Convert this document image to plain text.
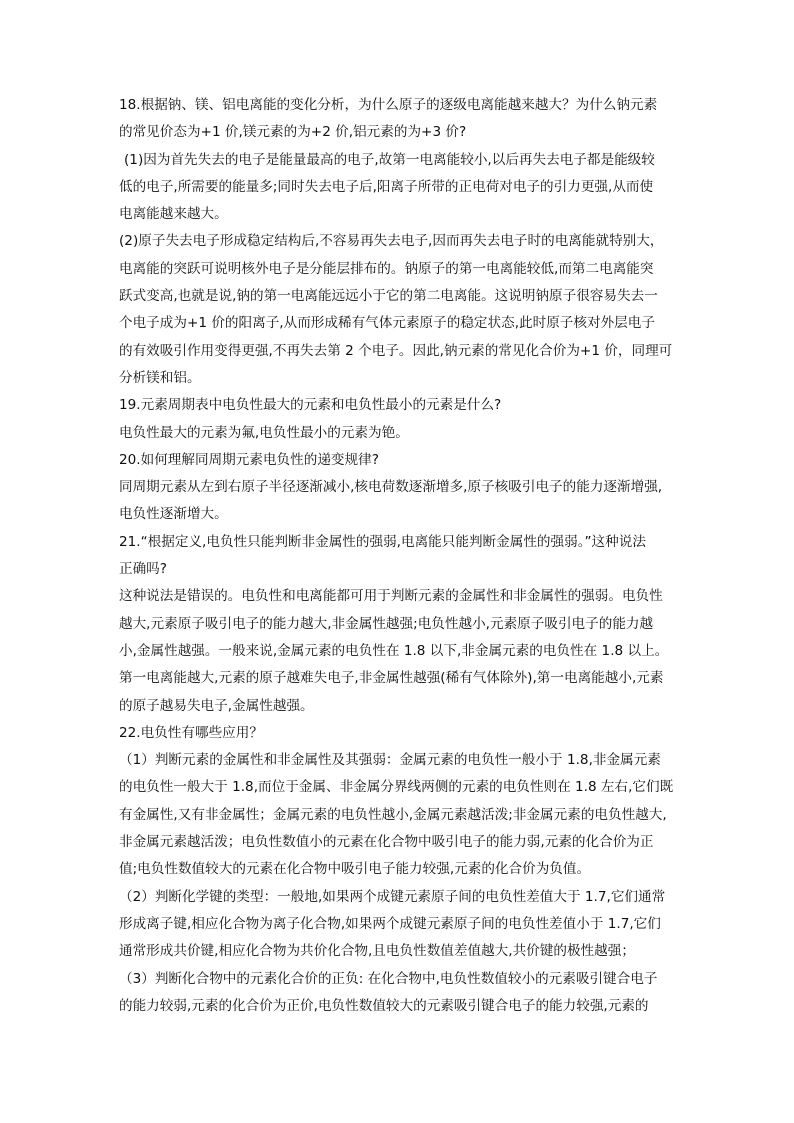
18.根据钠、镁、铝电离能的变化分析，为什么原子的逐级电离能越来越大？为什么钠元素
的常见价态为+1 价,镁元素的为+2 价,铝元素的为+3 价?
(1)因为首先失去的电子是能量最高的电子,故第一电离能较小,以后再失去电子都是能级较
低的电子,所需要的能量多;同时失去电子后,阳离子所带的正电荷对电子的引力更强,从而使
电离能越来越大。
(2)原子失去电子形成稳定结构后,不容易再失去电子,因而再失去电子时的电离能就特别大，
电离能的突跃可说明核外电子是分能层排布的。钠原子的第一电离能较低,而第二电离能突
跃式变高,也就是说,钠的第一电离能远远小于它的第二电离能。这说明钠原子很容易失去一
个电子成为+1 价的阳离子,从而形成稀有气体元素原子的稳定状态,此时原子核对外层电子
的有效吸引作用变得更强,不再失去第 2 个电子。因此,钠元素的常见化合价为+1 价，同理可
分析镁和铝。
19.元素周期表中电负性最大的元素和电负性最小的元素是什么?
电负性最大的元素为氟,电负性最小的元素为铯。
20.如何理解同周期元素电负性的递变规律?
同周期元素从左到右原子半径逐渐减小,核电荷数逐渐增多,原子核吸引电子的能力逐渐增强,
电负性逐渐增大。
21.“根据定义,电负性只能判断非金属性的强弱,电离能只能判断金属性的强弱。”这种说法
正确吗?
这种说法是错误的。电负性和电离能都可用于判断元素的金属性和非金属性的强弱。电负性
越大,元素原子吸引电子的能力越大,非金属性越强;电负性越小,元素原子吸引电子的能力越
小,金属性越强。一般来说,金属元素的电负性在 1.8 以下,非金属元素的电负性在 1.8 以上。
第一电离能越大,元素的原子越难失电子,非金属性越强(稀有气体除外),第一电离能越小,元素
的原子越易失电子,金属性越强。
22.电负性有哪些应用？
（1）判断元素的金属性和非金属性及其强弱：金属元素的电负性一般小于 1.8,非金属元素
的电负性一般大于 1.8,而位于金属、非金属分界线两侧的元素的电负性则在 1.8 左右,它们既
有金属性,又有非金属性；金属元素的电负性越小,金属元素越活泼;非金属元素的电负性越大,
非金属元素越活泼；电负性数值小的元素在化合物中吸引电子的能力弱,元素的化合价为正
值;电负性数值较大的元素在化合物中吸引电子能力较强,元素的化合价为负值。
（2）判断化学键的类型：一般地,如果两个成键元素原子间的电负性差值大于 1.7,它们通常
形成离子键,相应化合物为离子化合物,如果两个成键元素原子间的电负性差值小于 1.7,它们
通常形成共价键,相应化合物为共价化合物,且电负性数值差值越大,共价键的极性越强；
（3）判断化合物中的元素化合价的正负: 在化合物中,电负性数值较小的元素吸引键合电子
的能力较弱,元素的化合价为正价,电负性数值较大的元素吸引键合电子的能力较强,元素的
